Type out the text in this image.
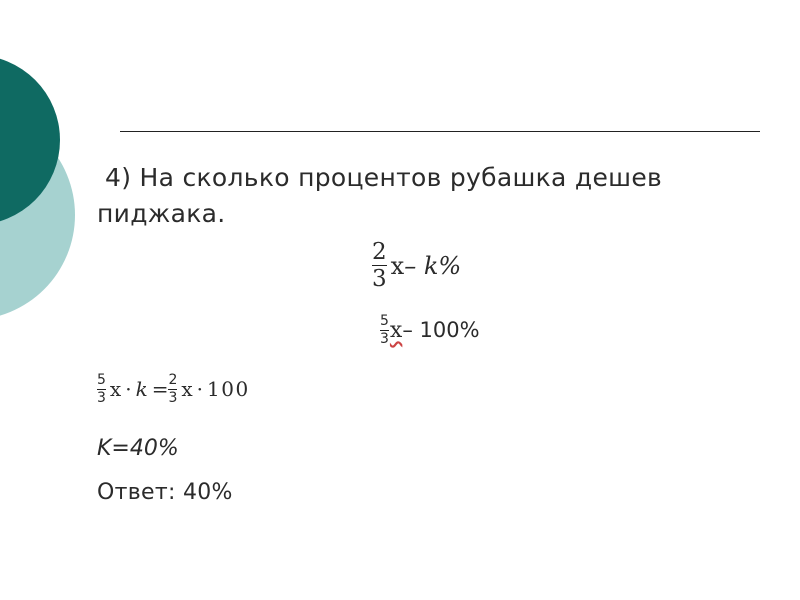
4) На сколько процентов рубашка дешев
пиджака.
$\frac{2}{3}$ x – k%
$\frac{5}{3}$ x – 100%
$\frac{5}{3}$ $x \cdot k = \frac{2}{3}$ x · 100
K=40%
Ответ: 40%
